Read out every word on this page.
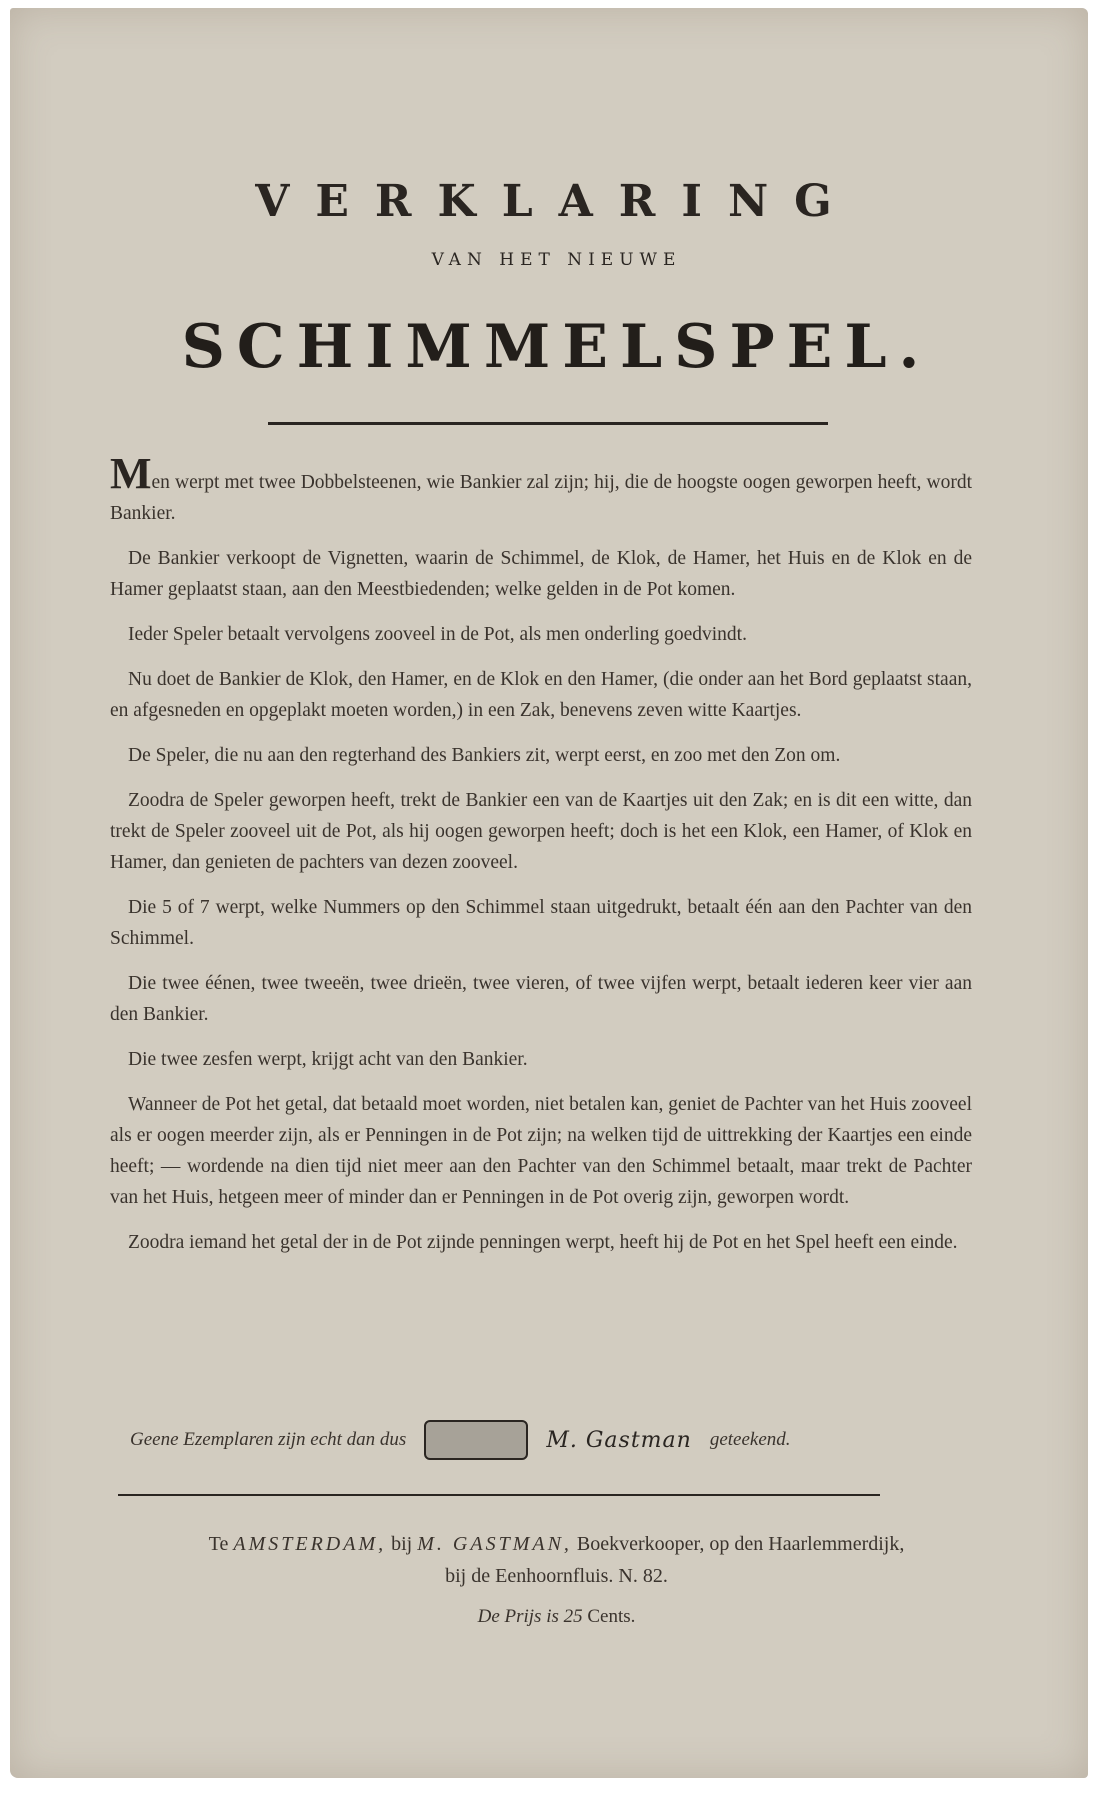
VERKLARING
VAN HET NIEUWE
SCHIMMELSPEL.

Men werpt met twee Dobbelsteenen, wie Bankier zal zijn; hij, die de hoogste oogen geworpen heeft, wordt Bankier.

De Bankier verkoopt de Vignetten, waarin de Schimmel, de Klok, de Hamer, het Huis en de Klok en de Hamer geplaatst staan, aan den Meestbiedenden; welke gelden in de Pot komen.

Ieder Speler betaalt vervolgens zooveel in de Pot, als men onderling goedvindt.

Nu doet de Bankier de Klok, den Hamer, en de Klok en den Hamer, (die onder aan het Bord geplaatst staan, en afgesneden en opgeplakt moeten worden,) in een Zak, benevens zeven witte Kaartjes.

De Speler, die nu aan den regterhand des Bankiers zit, werpt eerst, en zoo met den Zon om.

Zoodra de Speler geworpen heeft, trekt de Bankier een van de Kaartjes uit den Zak; en is dit een witte, dan trekt de Speler zooveel uit de Pot, als hij oogen geworpen heeft; doch is het een Klok, een Hamer, of Klok en Hamer, dan genieten de pachters van dezen zooveel.

Die 5 of 7 werpt, welke Nummers op den Schimmel staan uitgedrukt, betaalt één aan den Pachter van den Schimmel.

Die twee éénen, twee tweeën, twee drieën, twee vieren, of twee vijfen werpt, betaalt iederen keer vier aan den Bankier.

Die twee zesfen werpt, krijgt acht van den Bankier.

Wanneer de Pot het getal, dat betaald moet worden, niet betalen kan, geniet de Pachter van het Huis zooveel als er oogen meerder zijn, als er Penningen in de Pot zijn; na welken tijd de uittrekking der Kaartjes een einde heeft; — wordende na dien tijd niet meer aan den Pachter van den Schimmel betaalt, maar trekt de Pachter van het Huis, hetgeen meer of minder dan er Penningen in de Pot overig zijn, geworpen wordt.

Zoodra iemand het getal der in de Pot zijnde penningen werpt, heeft hij de Pot en het Spel heeft een einde.

Geene Ezemplaren zijn echt dan dus	M. Gastman geteekend.
Te AMSTERDAM, bij M. GASTMAN, Boekverkooper, op den Haarlemmerdijk,
bij de Eenhoornfluis. N. 82.
De Prijs is 25 Cents.
